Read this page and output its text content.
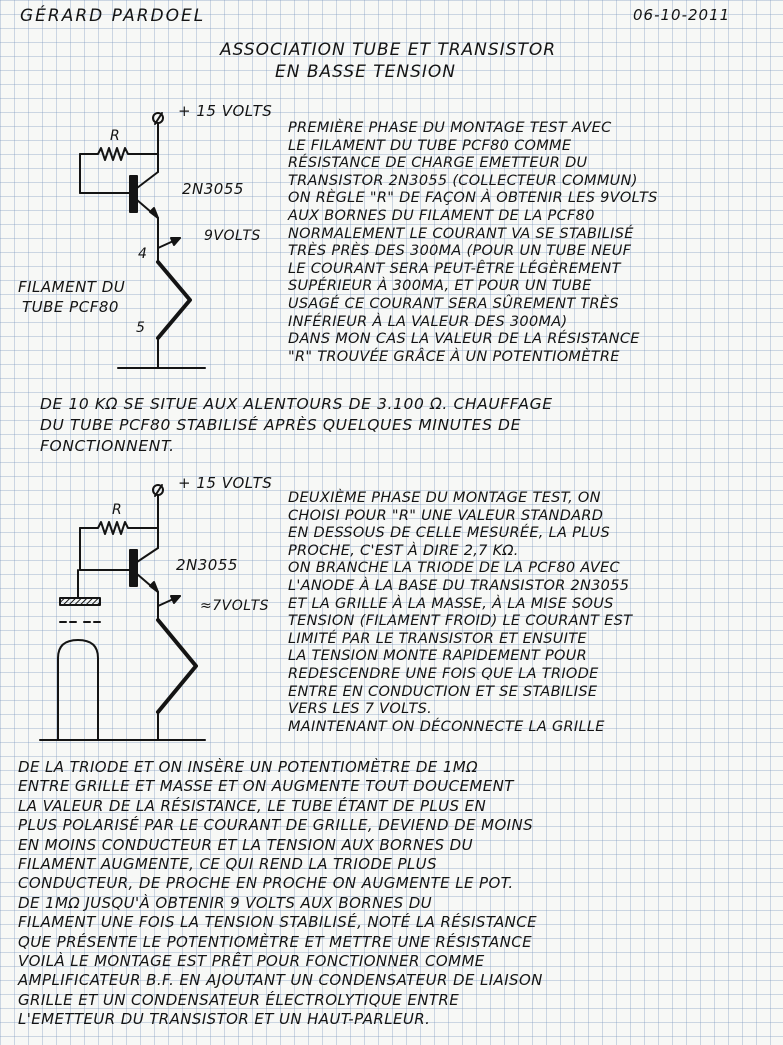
GÉRARD PARDOEL	06-10-2011
ASSOCIATION TUBE ET TRANSISTOR
EN BASSE TENSION
+ 15 VOLTS
R
2N3055
9VOLTS
4
5
FILAMENT DU
TUBE PCF80
PREMIÈRE PHASE DU MONTAGE TEST AVEC
LE FILAMENT DU TUBE PCF80 COMME
RÉSISTANCE DE CHARGE EMETTEUR DU
TRANSISTOR 2N3055 (COLLECTEUR COMMUN)
ON RÈGLE "R" DE FAÇON À OBTENIR LES 9VOLTS
AUX BORNES DU FILAMENT DE LA PCF80
NORMALEMENT LE COURANT VA SE STABILISÉ
TRÈS PRÈS DES 300MA (POUR UN TUBE NEUF
LE COURANT SERA PEUT-ÊTRE LÉGÈREMENT
SUPÉRIEUR À 300MA, ET POUR UN TUBE
USAGÉ CE COURANT SERA SÛREMENT TRÈS
INFÉRIEUR À LA VALEUR DES 300MA)
DANS MON CAS LA VALEUR DE LA RÉSISTANCE
"R" TROUVÉE GRÂCE À UN POTENTIOMÈTRE
DE 10 KΩ SE SITUE AUX ALENTOURS DE 3.100 Ω. CHAUFFAGE
DU TUBE PCF80 STABILISÉ APRÈS QUELQUES MINUTES DE
FONCTIONNENT.
+ 15 VOLTS
R
2N3055
≈7VOLTS
DEUXIÈME PHASE DU MONTAGE TEST, ON
CHOISI POUR "R" UNE VALEUR STANDARD
EN DESSOUS DE CELLE MESURÉE, LA PLUS
PROCHE, C'EST À DIRE 2,7 KΩ.
ON BRANCHE LA TRIODE DE LA PCF80 AVEC
L'ANODE À LA BASE DU TRANSISTOR 2N3055
ET LA GRILLE À LA MASSE, À LA MISE SOUS
TENSION (FILAMENT FROID) LE COURANT EST
LIMITÉ PAR LE TRANSISTOR ET ENSUITE
LA TENSION MONTE RAPIDEMENT POUR
REDESCENDRE UNE FOIS QUE LA TRIODE
ENTRE EN CONDUCTION ET SE STABILISE
VERS LES 7 VOLTS.
MAINTENANT ON DÉCONNECTE LA GRILLE
DE LA TRIODE ET ON INSÈRE UN POTENTIOMÈTRE DE 1MΩ
ENTRE GRILLE ET MASSE ET ON AUGMENTE TOUT DOUCEMENT
LA VALEUR DE LA RÉSISTANCE, LE TUBE ÉTANT DE PLUS EN
PLUS POLARISÉ PAR LE COURANT DE GRILLE, DEVIEND DE MOINS
EN MOINS CONDUCTEUR ET LA TENSION AUX BORNES DU
FILAMENT AUGMENTE, CE QUI REND LA TRIODE PLUS
CONDUCTEUR, DE PROCHE EN PROCHE ON AUGMENTE LE POT.
DE 1MΩ JUSQU'À OBTENIR 9 VOLTS AUX BORNES DU
FILAMENT UNE FOIS LA TENSION STABILISÉ, NOTÉ LA RÉSISTANCE
QUE PRÉSENTE LE POTENTIOMÈTRE ET METTRE UNE RÉSISTANCE
VOILÀ LE MONTAGE EST PRÊT POUR FONCTIONNER COMME
AMPLIFICATEUR B.F. EN AJOUTANT UN CONDENSATEUR DE LIAISON
GRILLE ET UN CONDENSATEUR ÉLECTROLYTIQUE ENTRE
L'EMETTEUR DU TRANSISTOR ET UN HAUT-PARLEUR.
